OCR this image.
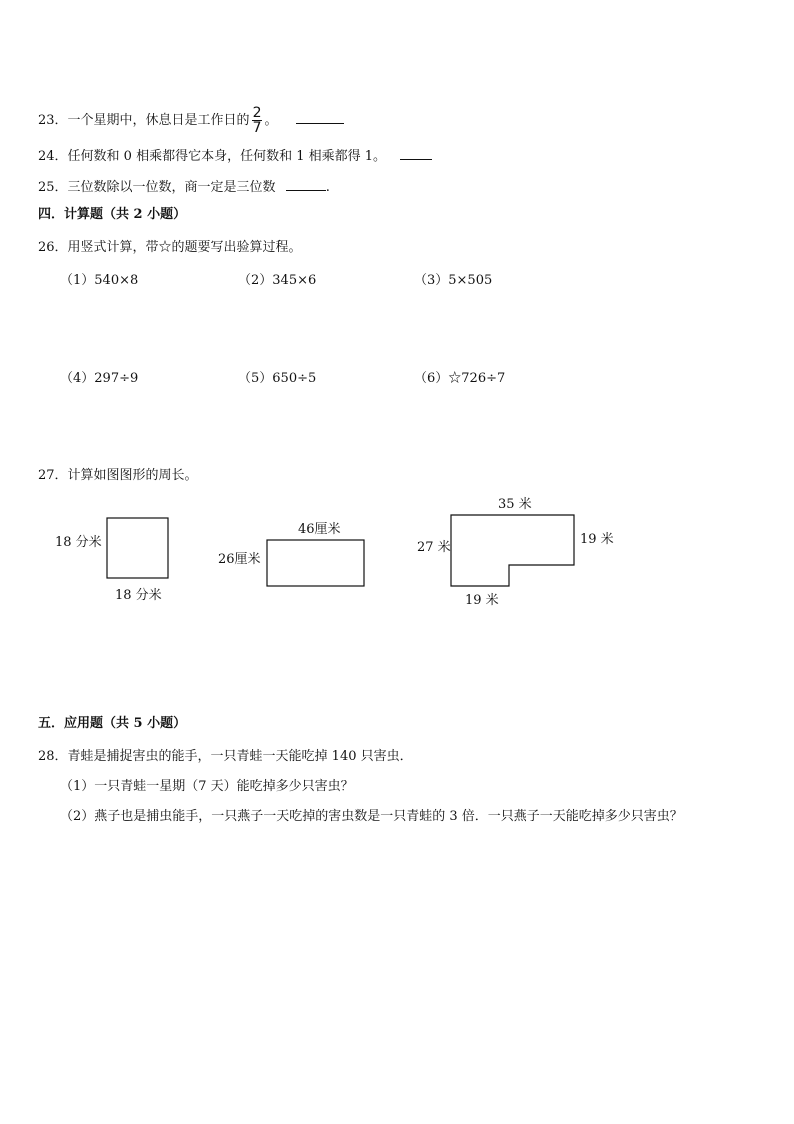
23．一个星期中，休息日是工作日的 $\frac{2}{7}$ 。
24．任何数和 0 相乘都得它本身，任何数和 1 相乘都得 1。
25．三位数除以一位数，商一定是三位数	.
四．计算题（共 2 小题）
26．用竖式计算，带☆的题要写出验算过程。
（1）540×8	（2）345×6	（3）5×505
（4）297÷9	（5）650÷5	（6）☆726÷7
27．计算如图图形的周长。
18 分米
18 分米
46厘米
26厘米
35 米
27 米
19 米
19 米
五．应用题（共 5 小题）
28．青蛙是捕捉害虫的能手，一只青蛙一天能吃掉 140 只害虫．
（1）一只青蛙一星期（7 天）能吃掉多少只害虫？
（2）燕子也是捕虫能手，一只燕子一天吃掉的害虫数是一只青蛙的 3 倍．一只燕子一天能吃掉多少只害虫？
